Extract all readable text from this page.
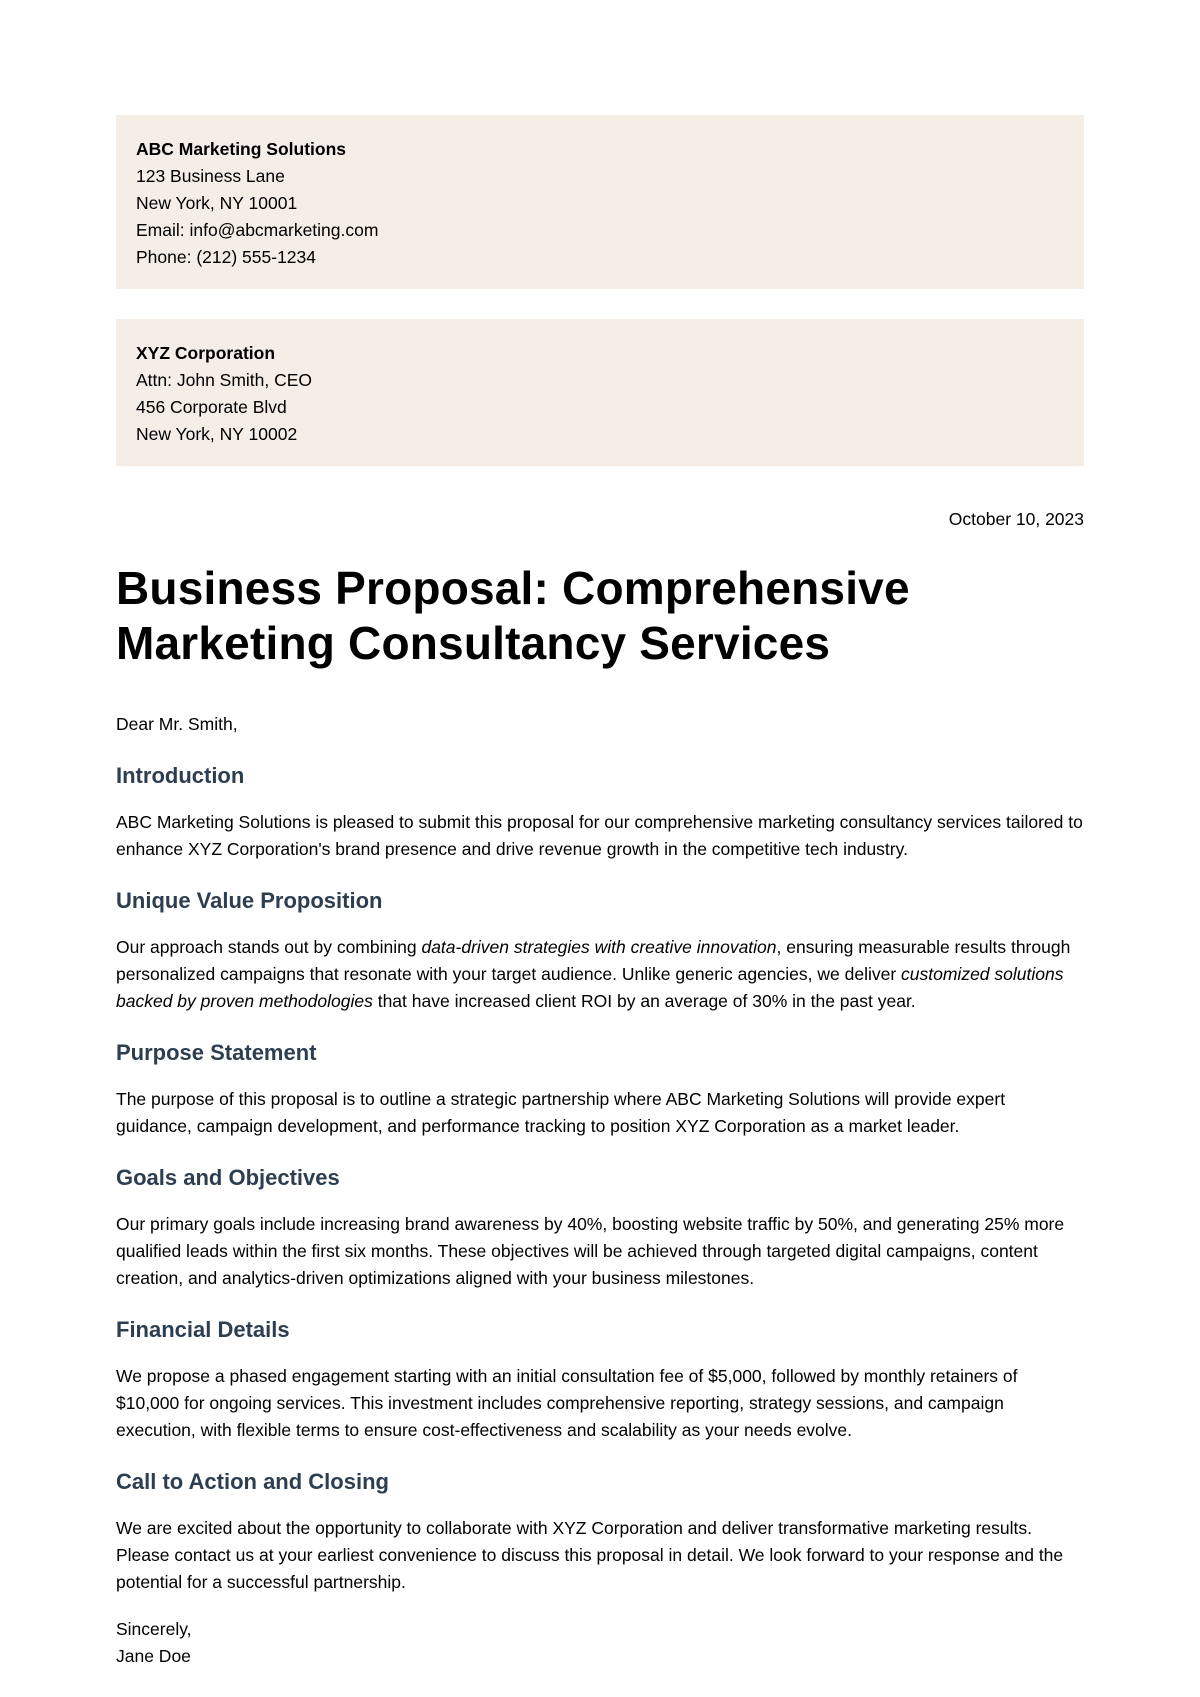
ABC Marketing Solutions
123 Business Lane
New York, NY 10001
Email: info@abcmarketing.com
Phone: (212) 555-1234
XYZ Corporation
Attn: John Smith, CEO
456 Corporate Blvd
New York, NY 10002
October 10, 2023
Business Proposal: Comprehensive Marketing Consultancy Services
Dear Mr. Smith,
Introduction

ABC Marketing Solutions is pleased to submit this proposal for our comprehensive marketing consultancy services tailored to enhance XYZ Corporation's brand presence and drive revenue growth in the competitive tech industry.

Unique Value Proposition

Our approach stands out by combining data-driven strategies with creative innovation, ensuring measurable results through personalized campaigns that resonate with your target audience. Unlike generic agencies, we deliver customized solutions backed by proven methodologies that have increased client ROI by an average of 30% in the past year.

Purpose Statement

The purpose of this proposal is to outline a strategic partnership where ABC Marketing Solutions will provide expert guidance, campaign development, and performance tracking to position XYZ Corporation as a market leader.

Goals and Objectives

Our primary goals include increasing brand awareness by 40%, boosting website traffic by 50%, and generating 25% more qualified leads within the first six months. These objectives will be achieved through targeted digital campaigns, content creation, and analytics-driven optimizations aligned with your business milestones.

Financial Details

We propose a phased engagement starting with an initial consultation fee of $5,000, followed by monthly retainers of $10,000 for ongoing services. This investment includes comprehensive reporting, strategy sessions, and campaign execution, with flexible terms to ensure cost-effectiveness and scalability as your needs evolve.

Call to Action and Closing

We are excited about the opportunity to collaborate with XYZ Corporation and deliver transformative marketing results. Please contact us at your earliest convenience to discuss this proposal in detail. We look forward to your response and the potential for a successful partnership.

Sincerely,
Jane Doe
